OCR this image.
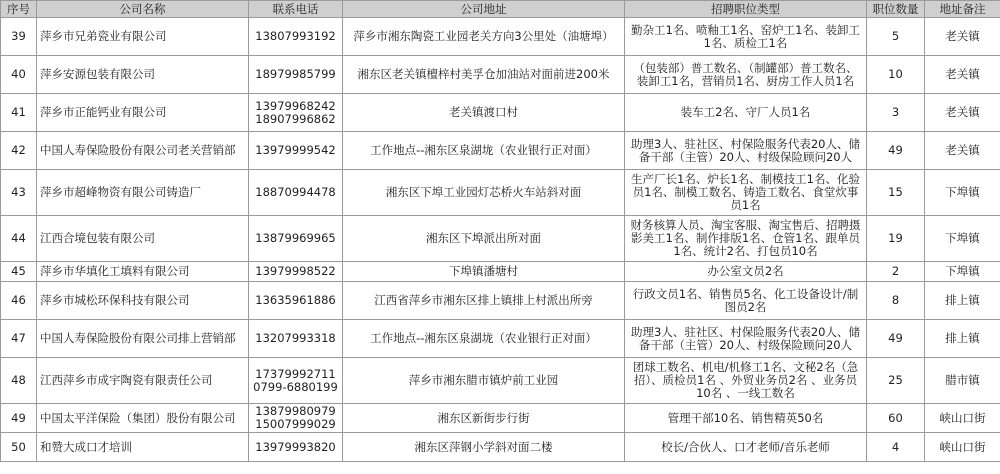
序号	公司名称	联系电话	公司地址	招聘职位类型	职位数量	地址备注
39	萍乡市兄弟瓷业有限公司	13807993192	萍乡市湘东陶瓷工业园老关方向3公里处（油塘埠）	勤杂工1名、喷釉工1名、窑炉工1名、装卸工1名、质检工1名	5	老关镇
40	萍乡安源包装有限公司	18979985799	湘东区老关镇檀梓村美孚仓加油站对面前进200米	（包装部）普工数名、（制罐部）普工数名、装卸工1名，营销员1名、厨房工作人员1名	10	老关镇
41	萍乡市正能钙业有限公司	13979968242 18907996862	老关镇渡口村	装车工2名、守厂人员1名	3	老关镇
42	中国人寿保险股份有限公司老关营销部	13979999542	工作地点--湘东区泉湖垅（农业银行正对面）	助理3人、驻社区、村保险服务代表20人、储备干部（主管）20人、村级保险顾问20人	49	老关镇
43	萍乡市超峰物资有限公司铸造厂	18870994478	湘东区下埠工业园灯芯桥火车站斜对面	生产厂长1名、炉长1名、制模技工1名、化验员1名、制模工数名、铸造工数名、食堂炊事员1名	15	下埠镇
44	江西合境包装有限公司	13879969965	湘东区下埠派出所对面	财务核算人员、淘宝客服、淘宝售后、招聘摄影美工1名、制作排版1名、仓管1名、跟单员1名、统计2名、打包员10名	19	下埠镇
45	萍乡市华填化工填料有限公司	13979998522	下埠镇潘塘村	办公室文员2名	2	下埠镇
46	萍乡市城松环保科技有限公司	13635961886	江西省萍乡市湘东区排上镇排上村派出所旁	行政文员1名、销售员5名、化工设备设计/制图员2名	8	排上镇
47	中国人寿保险股份有限公司排上营销部	13207993318	工作地点--湘东区泉湖垅（农业银行正对面）	助理3人、驻社区、村保险服务代表20人、储备干部（主管）20人、村级保险顾问20人	49	排上镇
48	江西萍乡市成宇陶瓷有限责任公司	17379992711 0799-6880199	萍乡市湘东腊市镇炉前工业园	团球工数名、机电/机修工1名、文秘2名（急招）、质检员1名 、外贸业务员2名 、业务员10名 、一线工数名	25	腊市镇
49	中国太平洋保险（集团）股份有限公司	13879980979 15007999029	湘东区新街步行街	管理干部10名、销售精英50名	60	峡山口街
50	和赞大成口才培训	13979993820	湘东区萍钢小学斜对面二楼	校长/合伙人、口才老师/音乐老师	4	峡山口街
